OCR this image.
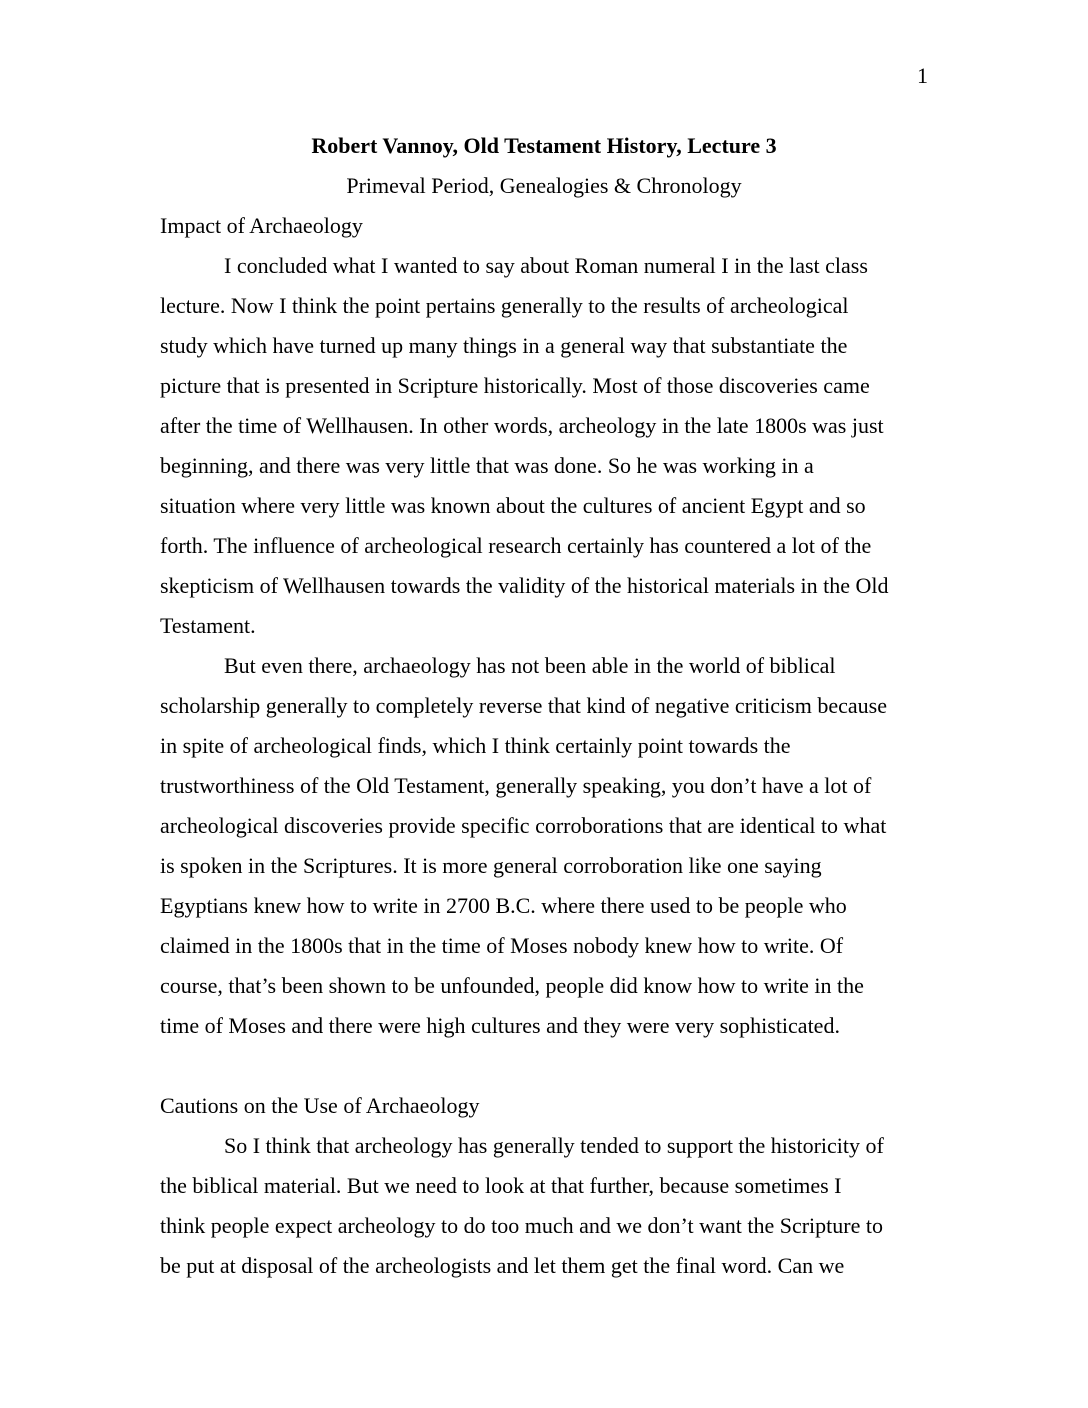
1
Robert Vannoy, Old Testament History, Lecture 3
Primeval Period, Genealogies & Chronology
Impact of Archaeology
I concluded what I wanted to say about Roman numeral I in the last class
lecture. Now I think the point pertains generally to the results of archeological
study which have turned up many things in a general way that substantiate the
picture that is presented in Scripture historically. Most of those discoveries came
after the time of Wellhausen. In other words, archeology in the late 1800s was just
beginning, and there was very little that was done. So he was working in a
situation where very little was known about the cultures of ancient Egypt and so
forth. The influence of archeological research certainly has countered a lot of the
skepticism of Wellhausen towards the validity of the historical materials in the Old
Testament.
But even there, archaeology has not been able in the world of biblical
scholarship generally to completely reverse that kind of negative criticism because
in spite of archeological finds, which I think certainly point towards the
trustworthiness of the Old Testament, generally speaking, you don’t have a lot of
archeological discoveries provide specific corroborations that are identical to what
is spoken in the Scriptures. It is more general corroboration like one saying
Egyptians knew how to write in 2700 B.C. where there used to be people who
claimed in the 1800s that in the time of Moses nobody knew how to write. Of
course, that’s been shown to be unfounded, people did know how to write in the
time of Moses and there were high cultures and they were very sophisticated.
Cautions on the Use of Archaeology
So I think that archeology has generally tended to support the historicity of
the biblical material. But we need to look at that further, because sometimes I
think people expect archeology to do too much and we don’t want the Scripture to
be put at disposal of the archeologists and let them get the final word. Can we
